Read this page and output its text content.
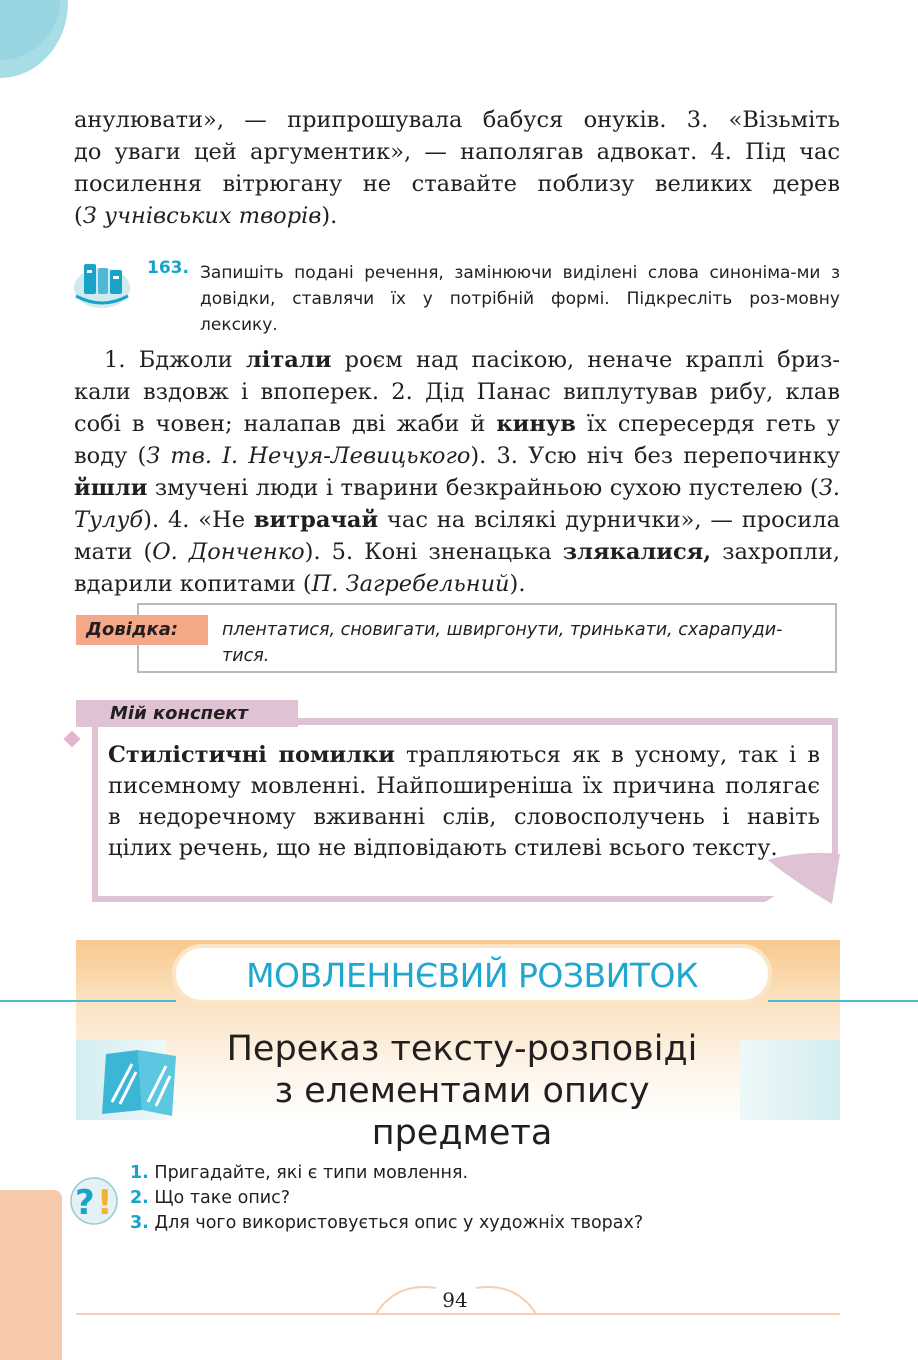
анулювати», — припрошувала бабуся онуків. 3. «Візьміть

до уваги цей аргументик», — наполягав адвокат. 4. Під час

посилення вітрюгану не ставайте поблизу великих дерев

(З учнівських творів).

163. Запишіть подані речення, замінюючи виділені слова синоніма-ми з довідки, ставлячи їх у потрібній формі. Підкресліть роз-мовну лексику.

1. Бджоли літали роєм над пасікою, неначе краплі бриз-кали вздовж і впоперек. 2. Дід Панас виплутував рибу, клав собі в човен; налапав дві жаби й кинув їх спересердя геть у воду (З тв. І. Нечуя-Левицького). 3. Усю ніч без перепочинку йшли змучені люди і тварини безкрайньою сухою пустелею (З. Тулуб). 4. «Не витрачай час на всілякі дурнички», — просила мати (О. Донченко). 5. Коні зненацька злякалися, захропли, вдарили копитами (П. Загребельний).

Довідка:	плентатися, сновигати, швиргонути, тринькати, схарапуди-тися.
Мій конспект
Стилістичні помилки трапляються як в усному, так і в писемному мовленні. Найпоширеніша їх причина полягає в недоречному вживанні слів, словосполучень і навіть цілих речень, що не відповідають стилеві всього тексту.
МОВЛЕННЄВИЙ РОЗВИТОК
Переказ тексту-розповіді
з елементами опису
предмета
? !
1. Пригадайте, які є типи мовлення.
2. Що таке опис?
3. Для чого використовується опис у художніх творах?
94
